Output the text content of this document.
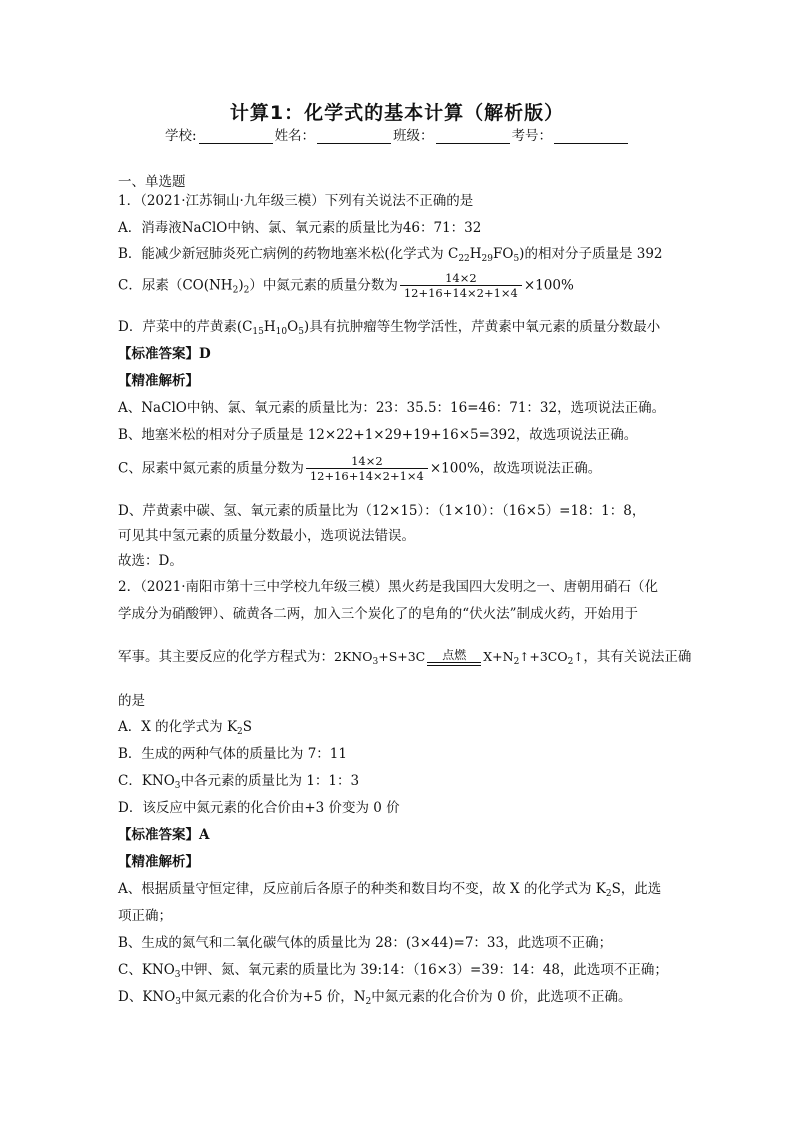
计算1：化学式的基本计算（解析版）
学校:	姓名：	班级：	考号：
一、单选题
1．（2021·江苏铜山·九年级三模）下列有关说法不正确的是
A．消毒液NaClO中钠、氯、氧元素的质量比为46：71：32
B．能减少新冠肺炎死亡病例的药物地塞米松(化学式为 $C_{22}H_{29}FO_5$)的相对分子质量是 392
C．尿素$(CO(NH_2)_2)$中氮元素的质量分数为 $\frac{14\times 2}{12+16+14\times 2+1\times 4} \times 100\%$
D．芹菜中的芹黄素$(C_{15}H_{10}O_5)$具有抗肿瘤等生物学活性，芹黄素中氧元素的质量分数最小
【标准答案】D
【精准解析】
A、NaClO中钠、氯、氧元素的质量比为：23：35.5：16=46：71：32，选项说法正确。
B、地塞米松的相对分子质量是 12×22+1×29+19+16×5=392，故选项说法正确。
C、尿素中氮元素的质量分数为 $\frac{14\times 2}{12+16+14\times 2+1\times 4} \times 100\%$，故选项说法正确。
D、芹黄素中碳、氢、氧元素的质量比为（12×15）：（1×10）：（16×5）=18：1：8，
可见其中氢元素的质量分数最小，选项说法错误。
故选：D。
2．（2021·南阳市第十三中学校九年级三模）黑火药是我国四大发明之一、唐朝用硝石（化
学成分为硝酸钾）、硫黄各二两，加入三个炭化了的皂角的“伏火法”制成火药，开始用于
军事。其主要反应的化学方程式为：$2KNO_3+S+3C$	点燃	$X+N_2↑+3CO_2↑$，其有关说法正确
的是
A．X 的化学式为 $K_2S$
B．生成的两种气体的质量比为 7：11
C．$KNO_3$中各元素的质量比为 1：1：3
D．该反应中氮元素的化合价由+3 价变为 0 价
【标准答案】A
【精准解析】
A、根据质量守恒定律，反应前后各原子的种类和数目均不变，故 X 的化学式为 $K_2S$，此选
项正确；
B、生成的氮气和二氧化碳气体的质量比为 28：(3×44)=7：33，此选项不正确；
C、$KNO_3$中钾、氮、氧元素的质量比为 39:14：（16×3）=39：14：48，此选项不正确；
D、$KNO_3$中氮元素的化合价为+5 价，$N_2$中氮元素的化合价为 0 价，此选项不正确。
